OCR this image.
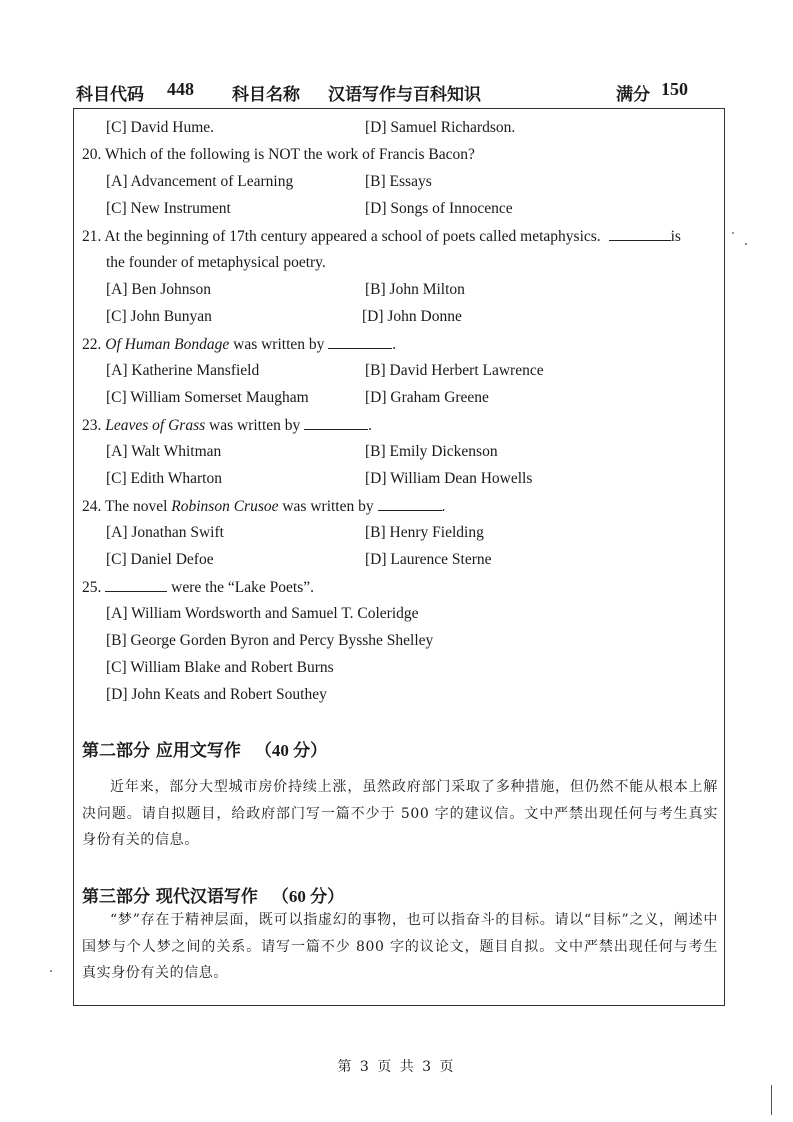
科目代码 448 科目名称 汉语写作与百科知识	满分 150
[C] David Hume.	[D] Samuel Richardson.
20. Which of the following is NOT the work of Francis Bacon?
[A] Advancement of Learning	[B] Essays
[C] New Instrument	[D] Songs of Innocence
21. At the beginning of 17th century appeared a school of poets called metaphysics.	is
the founder of metaphysical poetry.
[A] Ben Johnson	[B] John Milton
[C] John Bunyan	[D] John Donne
22. Of Human Bondage was written by	.
[A] Katherine Mansfield	[B] David Herbert Lawrence
[C] William Somerset Maugham	[D] Graham Greene
23. Leaves of Grass was written by	.
[A] Walt Whitman	[B] Emily Dickenson
[C] Edith Wharton	[D] William Dean Howells
24. The novel Robinson Crusoe was written by	.
[A] Jonathan Swift	[B] Henry Fielding
[C] Daniel Defoe	[D] Laurence Sterne
25.	were the “Lake Poets”.
[A] William Wordsworth and Samuel T. Coleridge
[B] George Gorden Byron and Percy Bysshe Shelley
[C] William Blake and Robert Burns
[D] John Keats and Robert Southey
第二部分 应用文写作 （40 分）
近年来，部分大型城市房价持续上涨，虽然政府部门采取了多种措施，但仍然不能从根本上解决问题。请自拟题目，给政府部门写一篇不少于 500 字的建议信。文中严禁出现任何与考生真实身份有关的信息。
第三部分 现代汉语写作 （60 分）
“梦”存在于精神层面，既可以指虚幻的事物，也可以指奋斗的目标。请以“目标”之义，阐述中国梦与个人梦之间的关系。请写一篇不少 800 字的议论文，题目自拟。文中严禁出现任何与考生真实身份有关的信息。
第 3 页 共 3 页
